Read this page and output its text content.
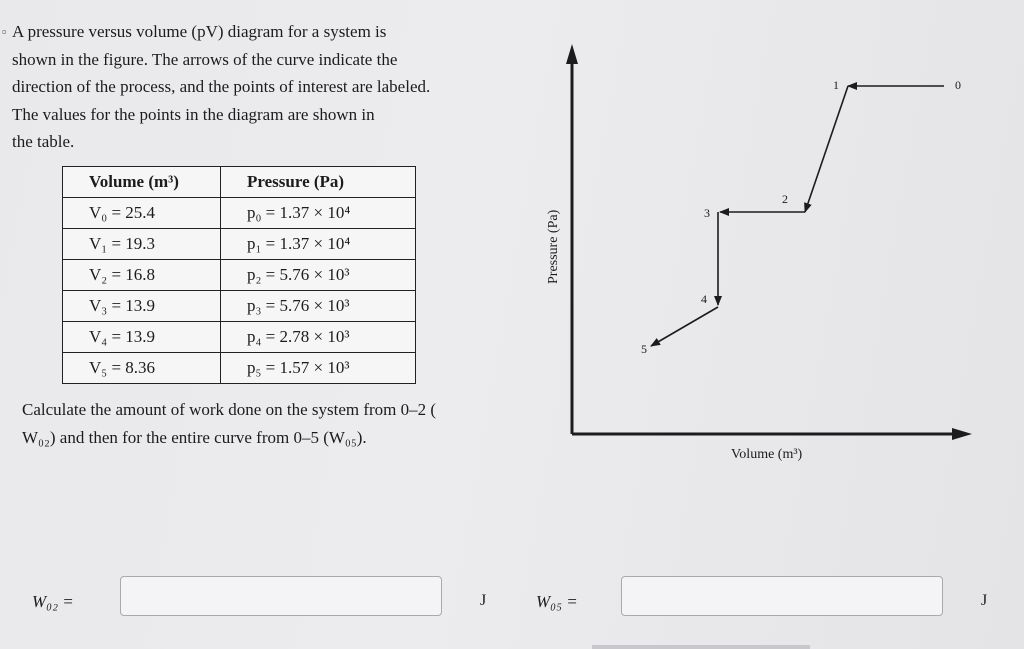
▫ A pressure versus volume (pV) diagram for a system is
shown in the figure. The arrows of the curve indicate the
direction of the process, and the points of interest are labeled.
The values for the points in the diagram are shown in
the table.
Volume (m³)	Pressure (Pa)
V₀ = 25.4	p₀ = 1.37 × 10⁴
V₁ = 19.3	p₁ = 1.37 × 10⁴
V₂ = 16.8	p₂ = 5.76 × 10³
V₃ = 13.9	p₃ = 5.76 × 10³
V₄ = 13.9	p₄ = 2.78 × 10³
V₅ = 8.36	p₅ = 1.57 × 10³
Calculate the amount of work done on the system from 0–2 (
W₀₂) and then for the entire curve from 0–5 (W₀₅).
0
1
2
3
4
5
Pressure (Pa)
Volume (m³)
W₀₂ =	J	W₀₅ =	J
